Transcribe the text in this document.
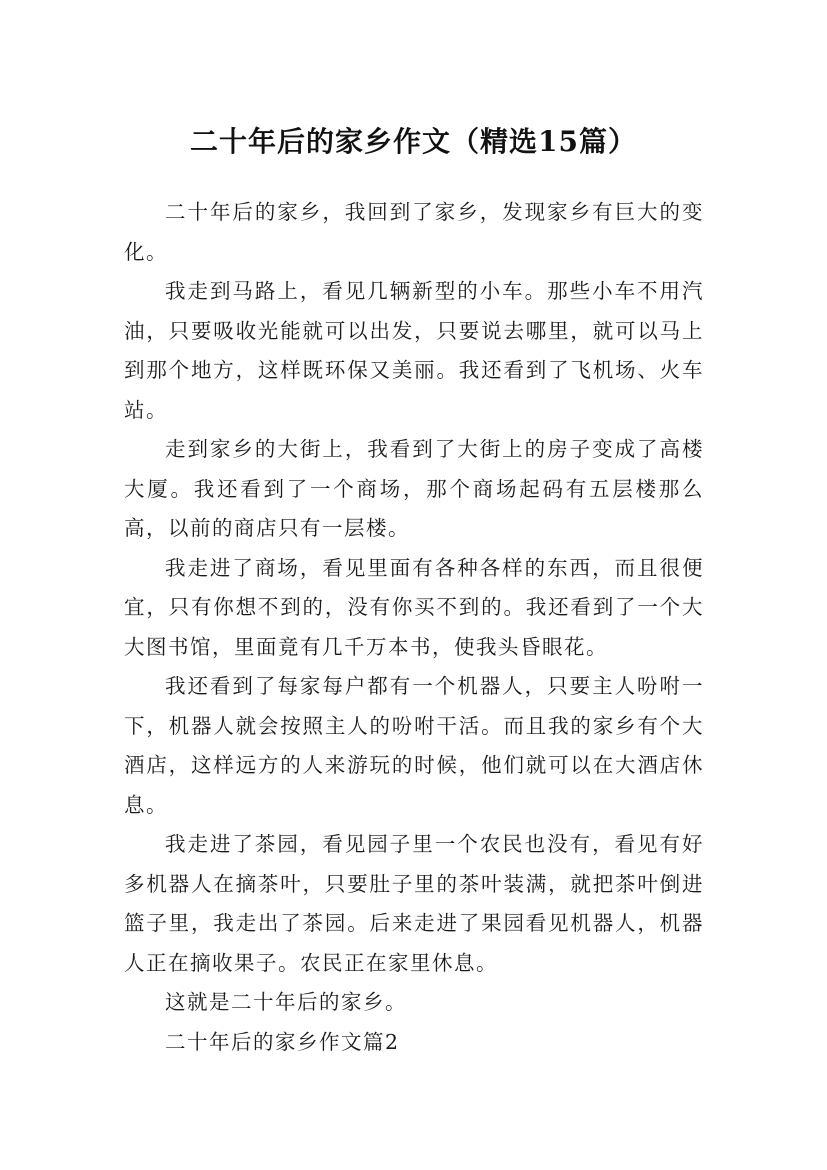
二十年后的家乡作文（精选15篇）

二十年后的家乡，我回到了家乡，发现家乡有巨大的变化。

我走到马路上，看见几辆新型的小车。那些小车不用汽油，只要吸收光能就可以出发，只要说去哪里，就可以马上到那个地方，这样既环保又美丽。我还看到了飞机场、火车站。

走到家乡的大街上，我看到了大街上的房子变成了高楼大厦。我还看到了一个商场，那个商场起码有五层楼那么高，以前的商店只有一层楼。

我走进了商场，看见里面有各种各样的东西，而且很便宜，只有你想不到的，没有你买不到的。我还看到了一个大大图书馆，里面竟有几千万本书，使我头昏眼花。

我还看到了每家每户都有一个机器人，只要主人吩咐一下，机器人就会按照主人的吩咐干活。而且我的家乡有个大酒店，这样远方的人来游玩的时候，他们就可以在大酒店休息。

我走进了茶园，看见园子里一个农民也没有，看见有好多机器人在摘茶叶，只要肚子里的茶叶装满，就把茶叶倒进篮子里，我走出了茶园。后来走进了果园看见机器人，机器人正在摘收果子。农民正在家里休息。

这就是二十年后的家乡。

二十年后的家乡作文篇2
